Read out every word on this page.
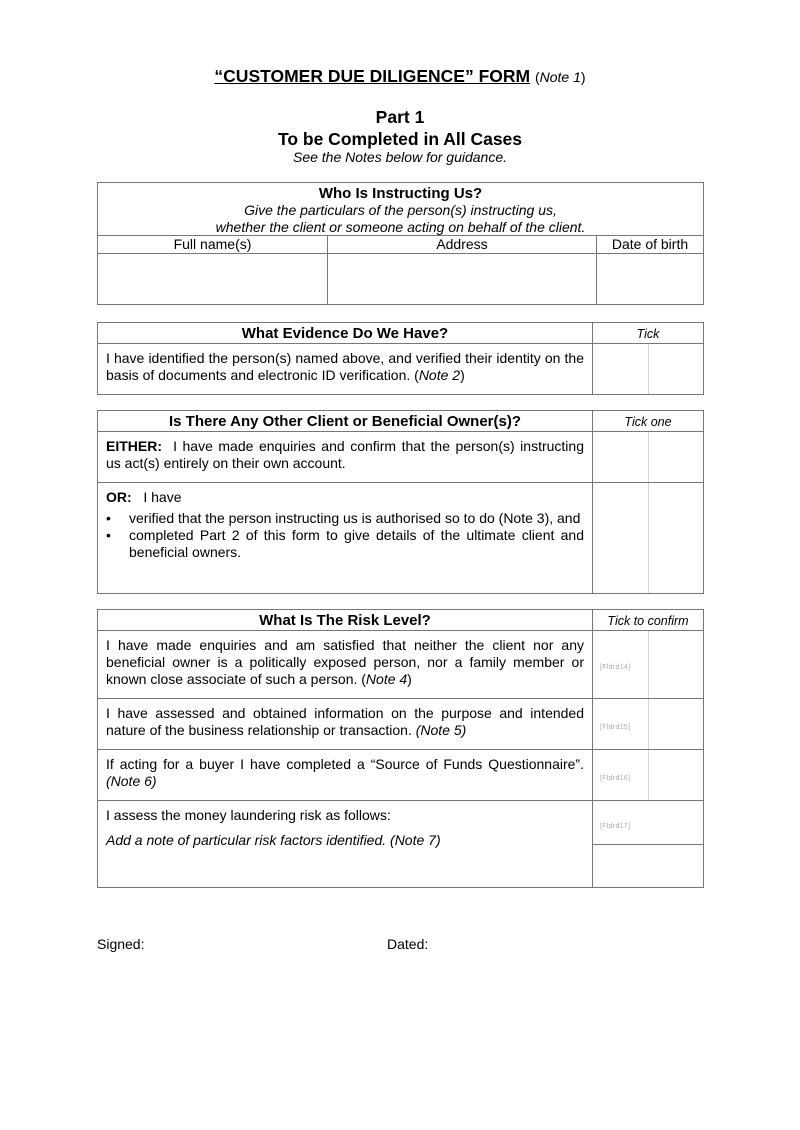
“CUSTOMER DUE DILIGENCE” FORM (Note 1)
Part 1
To be Completed in All Cases
See the Notes below for guidance.
Who Is Instructing Us?
Give the particulars of the person(s) instructing us,
whether the client or someone acting on behalf of the client.		

Full name(s)	Address	Date of birth

What Evidence Do We Have?	Tick
I have identified the person(s) named above, and verified their identity on the basis of documents and electronic ID verification. (Note 2)	
Is There Any Other Client or Beneficial Owner(s)?	Tick one
EITHER: I have made enquiries and confirm that the person(s) instructing us act(s) entirely on their own account.	

OR: I have
• verified that the person instructing us is authorised so to do (Note 3), and
• completed Part 2 of this form to give details of the ultimate client and beneficial owners.	

What Is The Risk Level?	Tick to confirm
I have made enquiries and am satisfied that neither the client nor any beneficial owner is a politically exposed person, nor a family member or known close associate of such a person. (Note 4)	[Fldrd14]

I have assessed and obtained information on the purpose and intended nature of the business relationship or transaction. (Note 5)	[Fldrd15]

If acting for a buyer I have completed a “Source of Funds Questionnaire”. (Note 6)	[Fldrd16]

I assess the money laundering risk as follows:
Add a note of particular risk factors identified. (Note 7)	[Fldrd17]
Signed:	Dated:
